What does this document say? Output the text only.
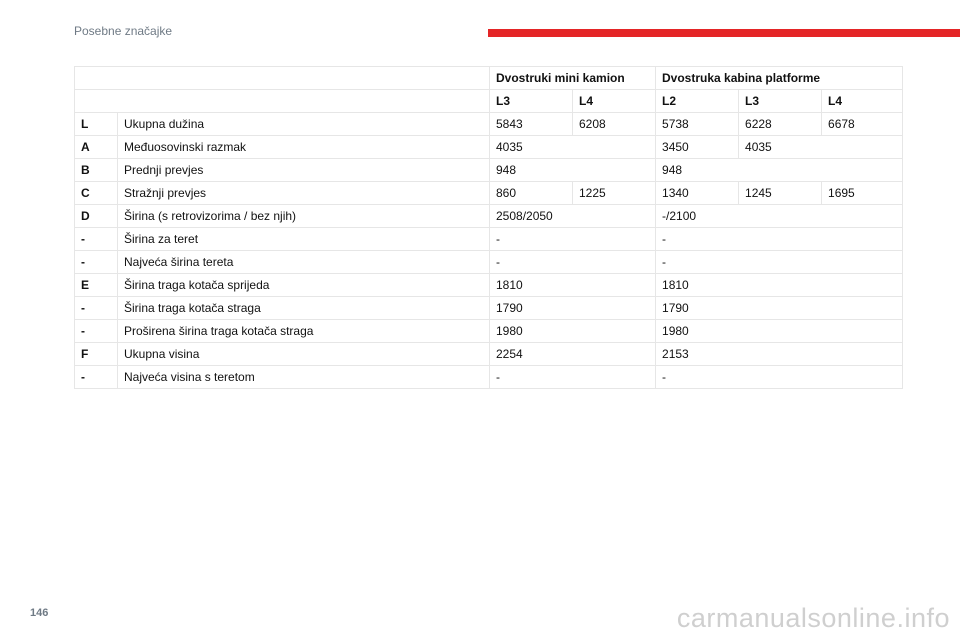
Posebne značajke
		Dvostruki mini kamion		Dvostruka kabina platforme		
		L3	L4	L2	L3	L4
L	Ukupna dužina	5843	6208	5738	6228	6678
A	Međuosovinski razmak	4035		3450	4035	
B	Prednji prevjes	948		948		
C	Stražnji prevjes	860	1225	1340	1245	1695
D	Širina (s retrovizorima / bez njih)	2508/2050		-/2100		
-	Širina za teret	-		-		
-	Najveća širina tereta	-		-		
E	Širina traga kotača sprijeda	1810		1810		
-	Širina traga kotača straga	1790		1790		
-	Proširena širina traga kotača straga	1980		1980		
F	Ukupna visina	2254		2153		
-	Najveća visina s teretom	-		-		
146	carmanualsonline.info
